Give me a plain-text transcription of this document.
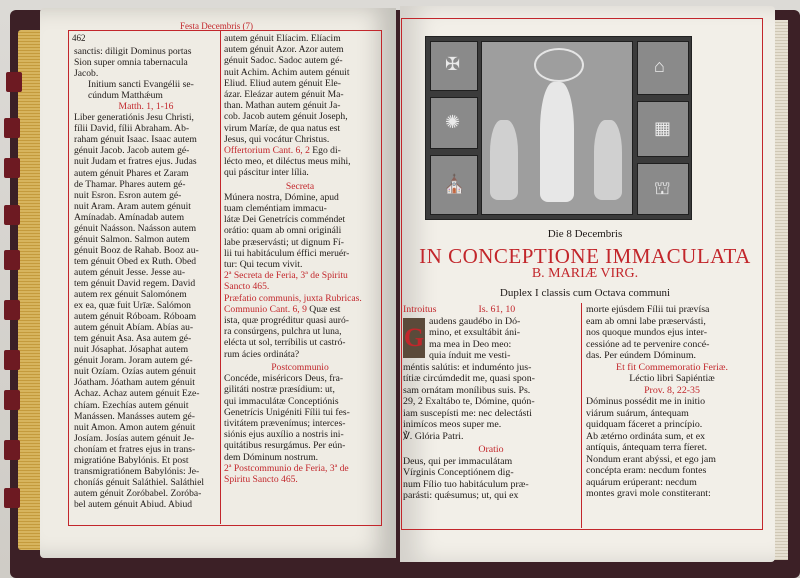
462
Festa Decembris (7)

sanctis: diligit Dominus portas

Sion super omnia tabernacula

Jacob.

Initium sancti Evangélii se-

cúndum Matthǽum

Matth. 1, 1-16

Liber generatiónis Jesu Christi,

fílii David, fílii Abraham. Ab-

raham génuit Isaac. Isaac autem

génuit Jacob. Jacob autem gé-

nuit Judam et fratres ejus. Judas

autem génuit Phares et Zaram

de Thamar. Phares autem gé-

nuit Esron. Esron autem gé-

nuit Aram. Aram autem génuit

Amínadab. Amínadab autem

génuit Naásson. Naásson autem

génuit Salmon. Salmon autem

génuit Booz de Rahab. Booz au-

tem génuit Obed ex Ruth. Obed

autem génuit Jesse. Jesse au-

tem génuit David regem. David

autem rex génuit Salomónem

ex ea, quæ fuit Urīæ. Salómon

autem génuit Róboam. Róboam

autem génuit Abíam. Abías au-

tem génuit Asa. Asa autem gé-

nuit Jósaphat. Jósaphat autem

génuit Joram. Joram autem gé-

nuit Ozíam. Ozías autem génuit

Jóatham. Jóatham autem génuit

Achaz. Achaz autem génuit Eze-

chíam. Ezechías autem génuit

Manássen. Manásses autem gé-

nuit Amon. Amon autem génuit

Josíam. Josías autem génuit Je-

choníam et fratres ejus in trans-

migratióne Babylónis. Et post

transmigratiónem Babylónis: Je-

choníás génuit Saláthiel. Saláthiel

autem génuit Zoróbabel. Zoróba-

bel autem génuit Abiud. Abiud

autem génuit Elíacim. Elíacim

autem génuit Azor. Azor autem

génuit Sadoc. Sadoc autem gé-

nuit Achim. Achim autem génuit

Eliud. Eliud autem génuit Ele-

ázar. Eleázar autem génuit Ma-

than. Mathan autem génuit Ja-

cob. Jacob autem génuit Joseph,

virum Maríæ, de qua natus est

Jesus, qui vocátur Christus.

Offertorium Cant. 6, 2 Ego di-

lécto meo, et diléctus meus mihi,

qui páscitur inter lília.

Secreta

Múnera nostra, Dómine, apud

tuam cleméntiam immacu-

látæ Dei Genetrícis comméndet

orátio: quam ab omni origináli

labe præservásti; ut dignum Fí-

lii tui habitáculum éffici meruér-

tur: Qui tecum vivit.

2ª Secreta de Feria, 3ª de Spiritu Sancto 465.

Præfatio communis, juxta Rubricas.

Communio Cant. 6, 9 Quæ est

ista, quæ progréditur quasi auró-

ra consúrgens, pulchra ut luna,

elécta ut sol, terríbilis ut castró-

rum ácies ordináta?

Postcommunio

Concéde, miséricors Deus, fra-

gilitáti nostræ præsídium: ut,

qui immaculátæ Conceptiónis

Genetrícis Unigéniti Fílii tui fes-

tivitátem prævenímus; interces-

siónis ejus auxílio a nostris ini-

quitátibus resurgámus. Per eún-

dem Dóminum nostrum.

2ª Postcommunio de Feria, 3ª de Spiritu Sancto 465.

✠
✺
⛪
⌂
▦
⛫
Die 8 Decembris
IN CONCEPTIONE IMMACULATA
B. MARIÆ VIRG.
Duplex I classis cum Octava communi

Introitus	Is. 61, 10

G

audens gaudébo in Dó-

mino, et exsultábit áni-

ma mea in Deo meo:

quia índuit me vesti-

méntis salútis: et induménto jus-

títiæ circúmdedit me, quasi spon-

sam ornátam monílibus suis. Ps.

29, 2 Exaltábo te, Dómine, quón-

iam suscepísti me: nec delectásti

inimícos meos super me.

℣. Glória Patri.

Oratio

Deus, qui per immaculátam

Vírginis Conceptiónem dig-

num Fílio tuo habitáculum præ-

parásti: quǽsumus; ut, qui ex

morte ejúsdem Fílii tui prævísa

eam ab omni labe præservásti,

nos quoque mundos ejus inter-

cessióne ad te pervenire concé-

das. Per eúndem Dóminum.

Et fit Commemoratio Feriæ.

Léctio libri Sapiéntiæ

Prov. 8, 22-35

Dóminus possédit me in initio

viárum suárum, ántequam

quidquam fáceret a princípio.

Ab ætérno ordináta sum, et ex

antíquis, ántequam terra fíeret.

Nondum erant abýssi, et ego jam

concépta eram: necdum fontes

aquárum erúperant: necdum

montes gravi mole constiterant:
